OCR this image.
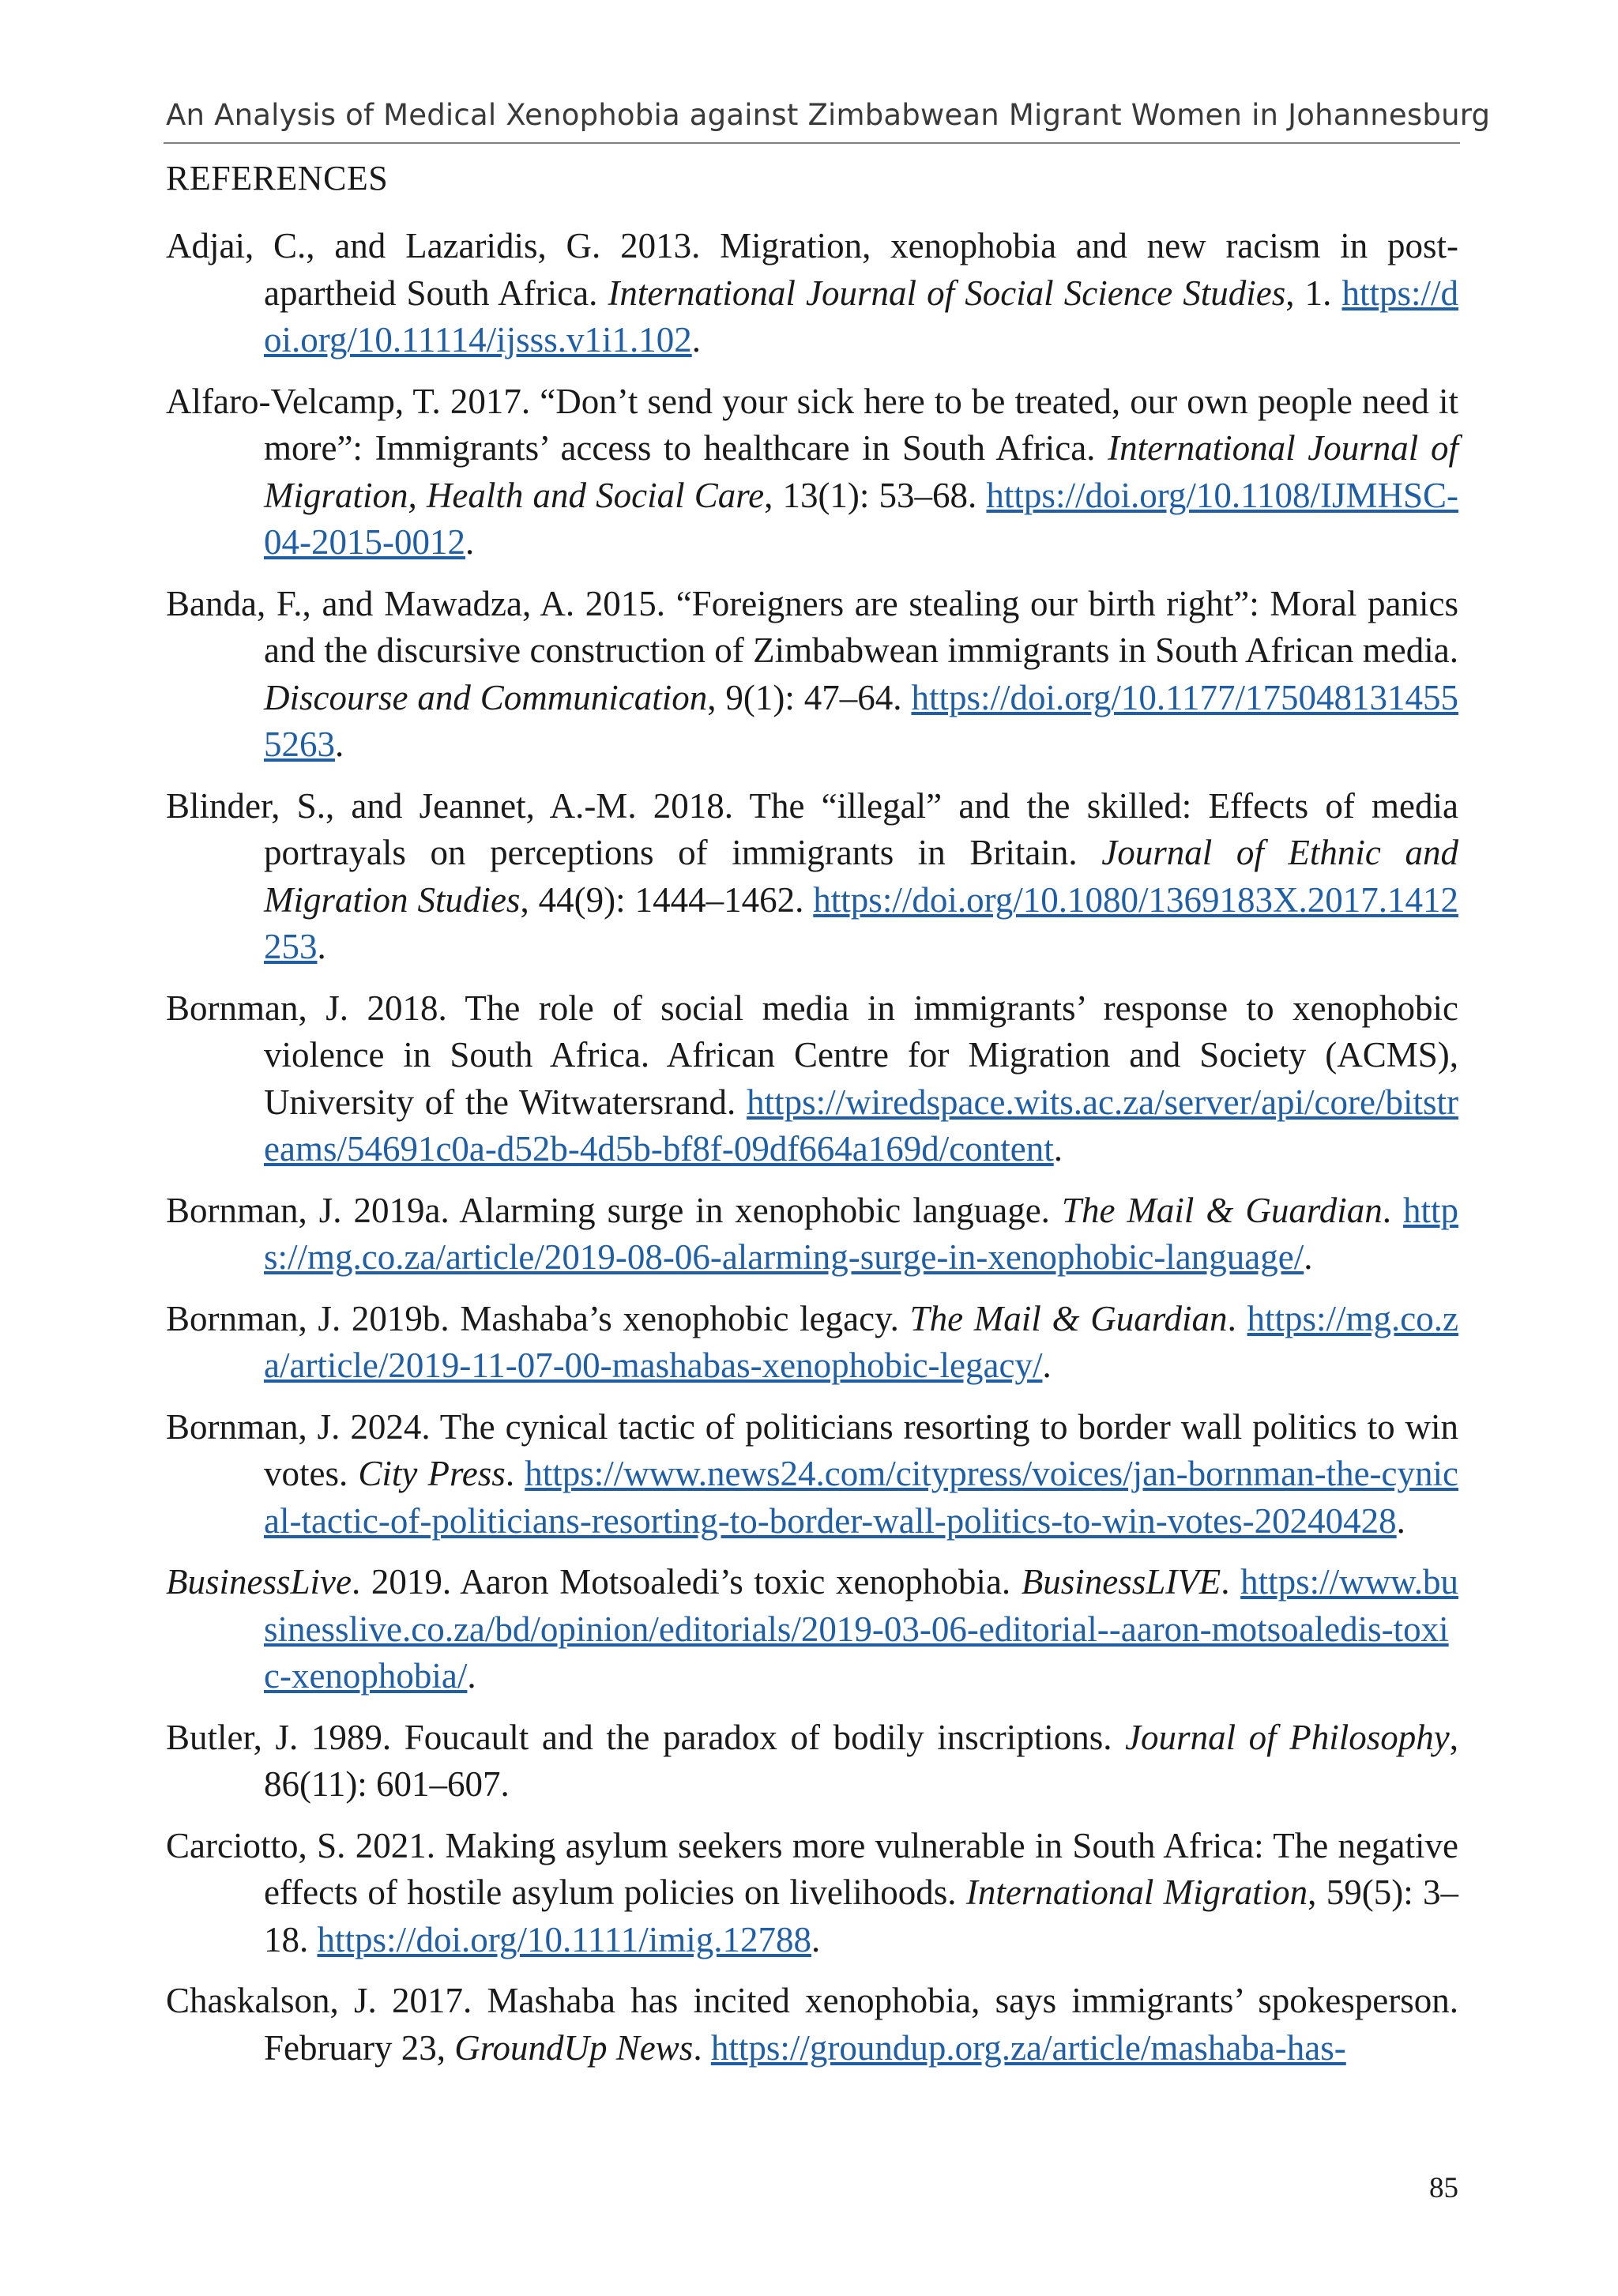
An Analysis of Medical Xenophobia against Zimbabwean Migrant Women in Johannesburg
REFERENCES

Adjai, C., and Lazaridis, G. 2013. Migration, xenophobia and new racism in post-apartheid South Africa. International Journal of Social Science Studies, 1. https://doi.org/10.11114/ijsss.v1i1.102.

Alfaro-Velcamp, T. 2017. “Don’t send your sick here to be treated, our own people need it more”: Immigrants’ access to healthcare in South Africa. International Journal of Migration, Health and Social Care, 13(1): 53–68. https://doi.org/10.1108/IJMHSC-04-2015-0012.

Banda, F., and Mawadza, A. 2015. “Foreigners are stealing our birth right”: Moral panics and the discursive construction of Zimbabwean immigrants in South African media. Discourse and Communication, 9(1): 47–64. https://doi.org/10.1177/1750481314555263.

Blinder, S., and Jeannet, A.-M. 2018. The “illegal” and the skilled: Effects of media portrayals on perceptions of immigrants in Britain. Journal of Ethnic and Migration Studies, 44(9): 1444–1462. https://doi.org/10.1080/1369183X.2017.1412253.

Bornman, J. 2018. The role of social media in immigrants’ response to xenophobic violence in South Africa. African Centre for Migration and Society (ACMS), University of the Witwatersrand. https://wiredspace.wits.ac.za/server/api/core/bitstreams/54691c0a-d52b-4d5b-bf8f-09df664a169d/content.

Bornman, J. 2019a. Alarming surge in xenophobic language. The Mail & Guardian. https://mg.co.za/article/2019-08-06-alarming-surge-in-xenophobic-language/.

Bornman, J. 2019b. Mashaba’s xenophobic legacy. The Mail & Guardian. https://mg.co.za/article/2019-11-07-00-mashabas-xenophobic-legacy/.

Bornman, J. 2024. The cynical tactic of politicians resorting to border wall politics to win votes. City Press. https://www.news24.com/citypress/voices/jan-bornman-the-cynical-tactic-of-politicians-resorting-to-border-wall-politics-to-win-votes-20240428.

BusinessLive. 2019. Aaron Motsoaledi’s toxic xenophobia. BusinessLIVE. https://www.businesslive.co.za/bd/opinion/editorials/2019-03-06-editorial--aaron-motsoaledis-toxic-xenophobia/.

Butler, J. 1989. Foucault and the paradox of bodily inscriptions. Journal of Philosophy, 86(11): 601–607.

Carciotto, S. 2021. Making asylum seekers more vulnerable in South Africa: The negative effects of hostile asylum policies on livelihoods. International Migration, 59(5): 3–18. https://doi.org/10.1111/imig.12788.

Chaskalson, J. 2017. Mashaba has incited xenophobia, says immigrants’ spokesperson. February 23, GroundUp News. https://groundup.org.za/article/mashaba-has-

85
